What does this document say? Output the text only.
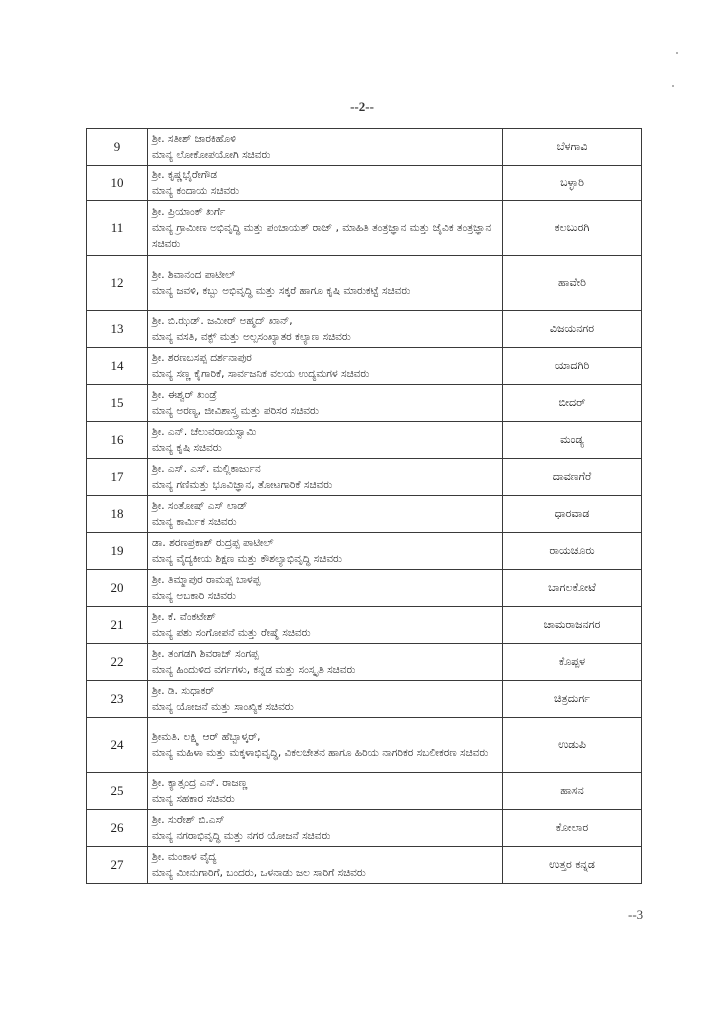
--2--
9	ಶ್ರೀ. ಸತೀಶ್ ಜಾರಕಿಹೊಳಿ
ಮಾನ್ಯ ಲೋಕೋಪಯೋಗಿ ಸಚಿವರು	ಬೆಳಗಾವಿ
10	ಶ್ರೀ. ಕೃಷ್ಣಭೈರೇಗೌಡ
ಮಾನ್ಯ ಕಂದಾಯ ಸಚಿವರು	ಬಳ್ಳಾರಿ
11	ಶ್ರೀ. ಪ್ರಿಯಾಂಕ್ ಖರ್ಗೆ
ಮಾನ್ಯ ಗ್ರಾಮೀಣ ಅಭಿವೃದ್ಧಿ ಮತ್ತು ಪಂಚಾಯತ್ ರಾಜ್ , ಮಾಹಿತಿ ತಂತ್ರಜ್ಞಾನ ಮತ್ತು ಜೈವಿಕ ತಂತ್ರಜ್ಞಾನ ಸಚಿವರು	ಕಲಬುರಗಿ
12	ಶ್ರೀ. ಶಿವಾನಂದ ಪಾಟೀಲ್
ಮಾನ್ಯ ಜವಳಿ, ಕಬ್ಬು ಅಭಿವೃದ್ಧಿ ಮತ್ತು ಸಕ್ಕರೆ ಹಾಗೂ ಕೃಷಿ ಮಾರುಕಟ್ಟೆ ಸಚಿವರು	ಹಾವೇರಿ
13	ಶ್ರೀ. ಬಿ.ಝಡ್. ಜಮೀರ್ ಅಹ್ಮದ್ ಖಾನ್,
ಮಾನ್ಯ ವಸತಿ, ವಕ್ಫ್ ಮತ್ತು ಅಲ್ಪಸಂಖ್ಯಾತರ ಕಲ್ಯಾಣ ಸಚಿವರು	ವಿಜಯನಗರ
14	ಶ್ರೀ. ಶರಣಬಸಪ್ಪ ದರ್ಶನಾಪುರ
ಮಾನ್ಯ ಸಣ್ಣ ಕೈಗಾರಿಕೆ, ಸಾರ್ವಜನಿಕ ವಲಯ ಉದ್ಯಮಗಳ ಸಚಿವರು	ಯಾದಗಿರಿ
15	ಶ್ರೀ. ಈಶ್ವರ್ ಖಂಡ್ರೆ
ಮಾನ್ಯ ಅರಣ್ಯ, ಜೀವಿಶಾಸ್ತ್ರ ಮತ್ತು ಪರಿಸರ ಸಚಿವರು	ಬೀದರ್
16	ಶ್ರೀ. ಎನ್. ಚೆಲುವರಾಯಸ್ವಾಮಿ
ಮಾನ್ಯ ಕೃಷಿ ಸಚಿವರು	ಮಂಡ್ಯ
17	ಶ್ರೀ. ಎಸ್. ಎಸ್. ಮಲ್ಲಿಕಾರ್ಜುನ
ಮಾನ್ಯ ಗಣಿಮತ್ತು ಭೂವಿಜ್ಞಾನ, ತೋಟಗಾರಿಕೆ ಸಚಿವರು	ದಾವಣಗೆರೆ
18	ಶ್ರೀ. ಸಂತೋಷ್ ಎಸ್ ಲಾಡ್
ಮಾನ್ಯ ಕಾರ್ಮಿಕ ಸಚಿವರು	ಧಾರವಾಡ
19	ಡಾ. ಶರಣಪ್ರಕಾಶ್ ರುದ್ರಪ್ಪ ಪಾಟೀಲ್
ಮಾನ್ಯ ವೈದ್ಯಕೀಯ ಶಿಕ್ಷಣ ಮತ್ತು ಕೌಶಲ್ಯಾಭಿವೃದ್ಧಿ ಸಚಿವರು	ರಾಯಚೂರು
20	ಶ್ರೀ. ತಿಮ್ಮಾಪುರ ರಾಮಪ್ಪ ಬಾಳಪ್ಪ
ಮಾನ್ಯ ಅಬಕಾರಿ ಸಚಿವರು	ಬಾಗಲಕೋಟೆ
21	ಶ್ರೀ. ಕೆ. ವೆಂಕಟೇಶ್
ಮಾನ್ಯ ಪಶು ಸಂಗೋಪನೆ ಮತ್ತು ರೇಷ್ಮೆ ಸಚಿವರು	ಚಾಮರಾಜನಗರ
22	ಶ್ರೀ. ತಂಗಡಗಿ ಶಿವರಾಜ್ ಸಂಗಪ್ಪ
ಮಾನ್ಯ ಹಿಂದುಳಿದ ವರ್ಗಗಳು, ಕನ್ನಡ ಮತ್ತು ಸಂಸ್ಕೃತಿ ಸಚಿವರು	ಕೊಪ್ಪಳ
23	ಶ್ರೀ. ಡಿ. ಸುಧಾಕರ್
ಮಾನ್ಯ ಯೋಜನೆ ಮತ್ತು ಸಾಂಖ್ಯಿಕ ಸಚಿವರು	ಚಿತ್ರದುರ್ಗ
24	ಶ್ರೀಮತಿ. ಲಕ್ಷ್ಮಿ ಆರ್ ಹೆಬ್ಬಾಳ್ಕರ್,
ಮಾನ್ಯ ಮಹಿಳಾ ಮತ್ತು ಮಕ್ಕಳಾಭಿವೃದ್ಧಿ, ವಿಕಲಚೇತನ ಹಾಗೂ ಹಿರಿಯ ನಾಗರಿಕರ ಸಬಲೀಕರಣ ಸಚಿವರು	ಉಡುಪಿ
25	ಶ್ರೀ. ಕ್ಯಾತ್ಸಂದ್ರ ಎನ್. ರಾಜಣ್ಣ
ಮಾನ್ಯ ಸಹಕಾರ ಸಚಿವರು	ಹಾಸನ
26	ಶ್ರೀ. ಸುರೇಶ್ ಬಿ.ಎಸ್
ಮಾನ್ಯ ನಗರಾಭಿವೃದ್ಧಿ ಮತ್ತು ನಗರ ಯೋಜನೆ ಸಚಿವರು	ಕೋಲಾರ
27	ಶ್ರೀ. ಮಂಕಾಳ ವೈದ್ಯ
ಮಾನ್ಯ ಮೀನುಗಾರಿಗೆ, ಬಂದರು, ಒಳನಾಡು ಜಲ ಸಾರಿಗೆ ಸಚಿವರು	ಉತ್ತರ ಕನ್ನಡ
--3
